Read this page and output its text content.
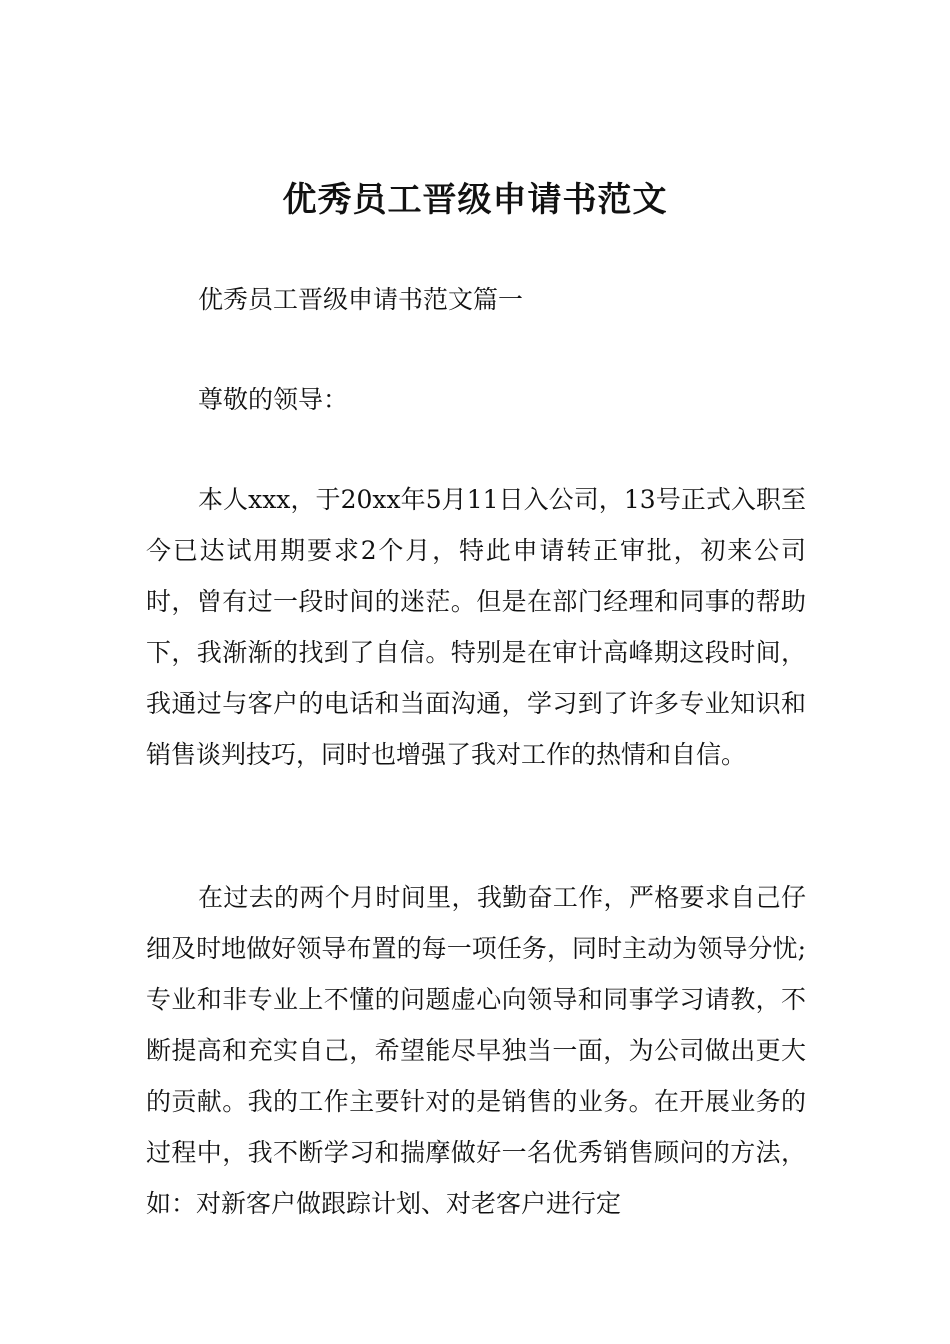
优秀员工晋级申请书范文

优秀员工晋级申请书范文篇一

尊敬的领导：

本人xxx，于20xx年5月11日入公司，13号正式入职至今已达试用期要求2个月，特此申请转正审批，初来公司时，曾有过一段时间的迷茫。但是在部门经理和同事的帮助下，我渐渐的找到了自信。特别是在审计高峰期这段时间，我通过与客户的电话和当面沟通，学习到了许多专业知识和销售谈判技巧，同时也增强了我对工作的热情和自信。

在过去的两个月时间里，我勤奋工作，严格要求自己仔细及时地做好领导布置的每一项任务，同时主动为领导分忧;专业和非专业上不懂的问题虚心向领导和同事学习请教，不断提高和充实自己，希望能尽早独当一面，为公司做出更大的贡献。我的工作主要针对的是销售的业务。在开展业务的过程中，我不断学习和揣摩做好一名优秀销售顾问的方法，如：对新客户做跟踪计划、对老客户进行定
